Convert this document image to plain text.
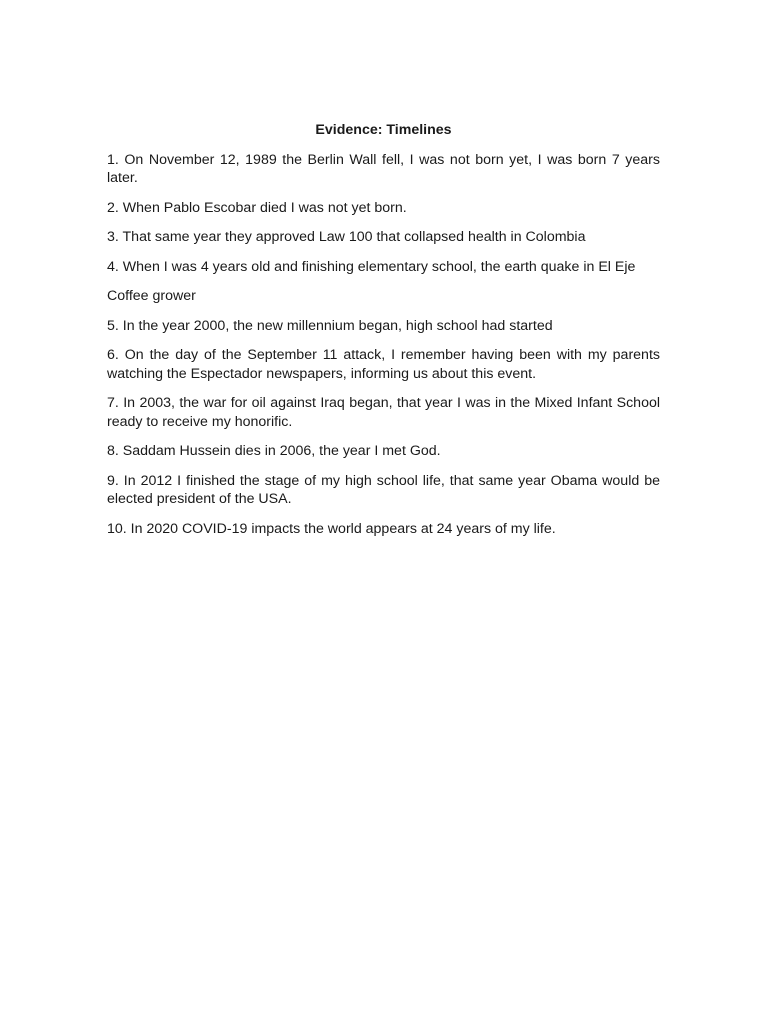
Evidence: Timelines

1. On November 12, 1989 the Berlin Wall fell, I was not born yet, I was born 7 years later.

2. When Pablo Escobar died I was not yet born.

3. That same year they approved Law 100 that collapsed health in Colombia

4. When I was 4 years old and finishing elementary school, the earth quake in El Eje

Coffee grower

5. In the year 2000, the new millennium began, high school had started

6. On the day of the September 11 attack, I remember having been with my parents watching the Espectador newspapers, informing us about this event.

7. In 2003, the war for oil against Iraq began, that year I was in the Mixed Infant School ready to receive my honorific.

8. Saddam Hussein dies in 2006, the year I met God.

9. In 2012 I finished the stage of my high school life, that same year Obama would be elected president of the USA.

10. In 2020 COVID-19 impacts the world appears at 24 years of my life.
